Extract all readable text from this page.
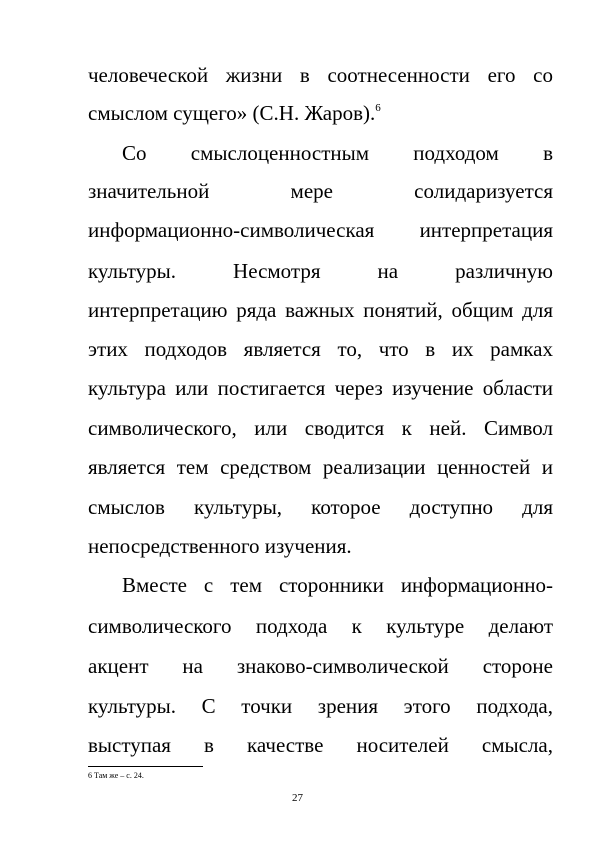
человеческой жизни в соотнесенности его со
смыслом сущего» (С.Н. Жаров).$^6$
Со смыслоценностным подходом в
значительной мере солидаризуется
информационно-символическая интерпретация
культуры. Несмотря на различную
интерпретацию ряда важных понятий, общим для
этих подходов является то, что в их рамках
культура или постигается через изучение области
символического, или сводится к ней. Символ
является тем средством реализации ценностей и
смыслов культуры, которое доступно для
непосредственного изучения.
Вместе с тем сторонники информационно-
символического подхода к культуре делают
акцент на знаково-символической стороне
культуры. С точки зрения этого подхода,
выступая в качестве носителей смысла,
6 Там же – с. 24.
27
